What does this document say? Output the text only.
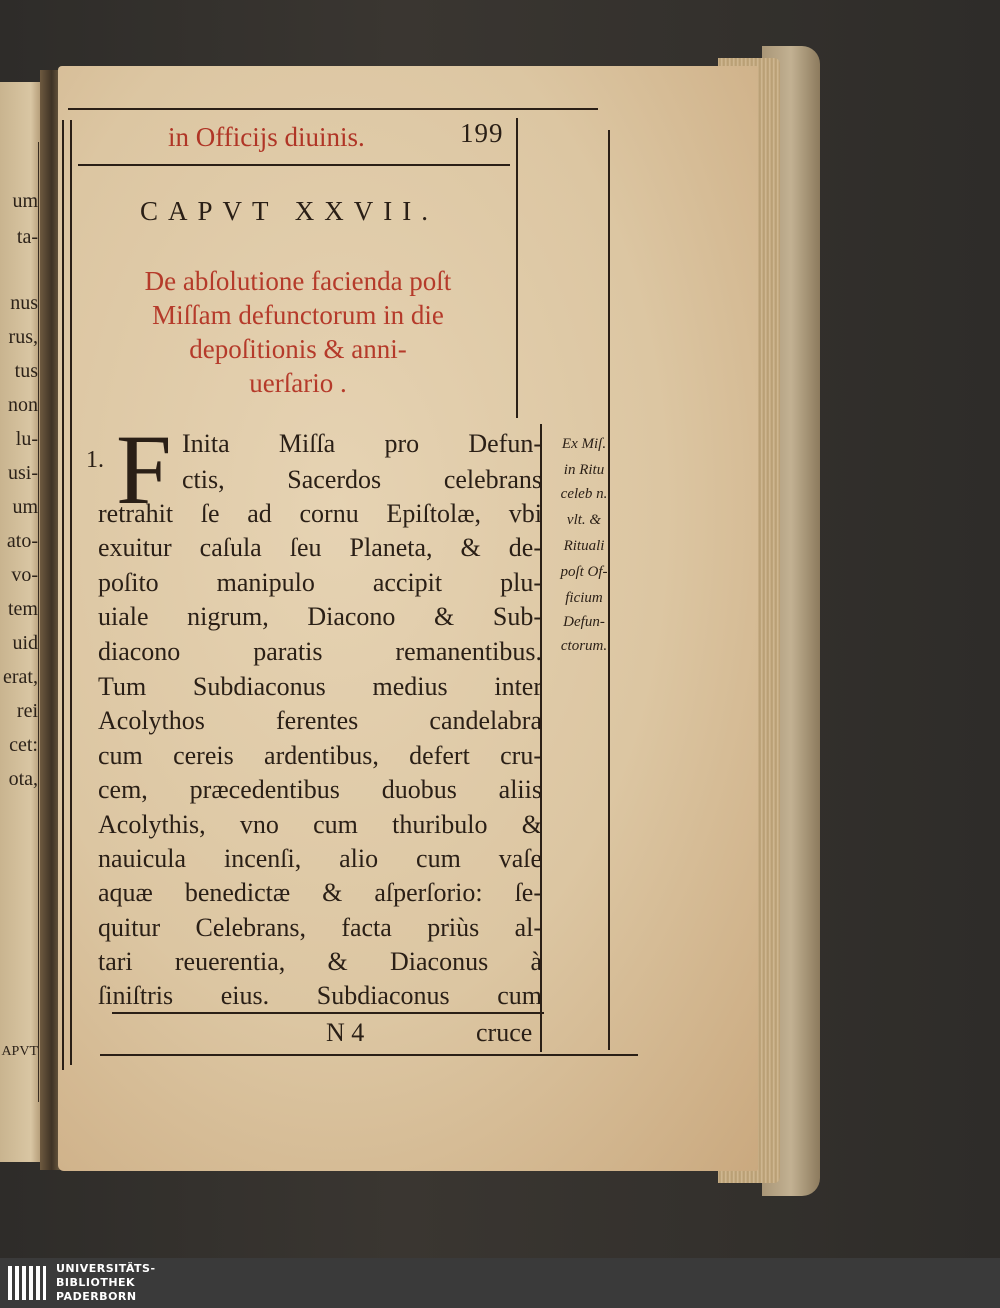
um
ta-
nus
rus,
tus
non
lu-
usi-
um
ato-
vo-
tem
uid
erat,
rei
cet:
ota,
APVT
in Officijs diuinis.	199
CAPVT XXVII.
De abſolutione facienda poſt
Miſſam defunctorum in die
depoſitionis & anni-
uerſario .
1. F Inita Miſſa pro Defun-
ctis, Sacerdos celebrans
retrahit ſe ad cornu Epiſtolæ, vbi
exuitur caſula ſeu Planeta, & de-
poſito manipulo accipit plu-
uiale nigrum, Diacono & Sub-
diacono paratis remanentibus.
Tum Subdiaconus medius inter
Acolythos ferentes candelabra
cum cereis ardentibus, defert cru-
cem, præcedentibus duobus aliis
Acolythis, vno cum thuribulo &
nauicula incenſi, alio cum vaſe
aquæ benedictæ & aſperſorio: ſe-
quitur Celebrans, facta priùs al-
tari reuerentia, & Diaconus à
ſiniſtris eius. Subdiaconus cum
Ex Miſ.
in Ritu
celeb n.
vlt. &
Rituali
poſt Of-
ficium
Defun-
ctorum.
N 4	cruce
UNIVERSITÄTS-
BIBLIOTHEK
PADERBORN
